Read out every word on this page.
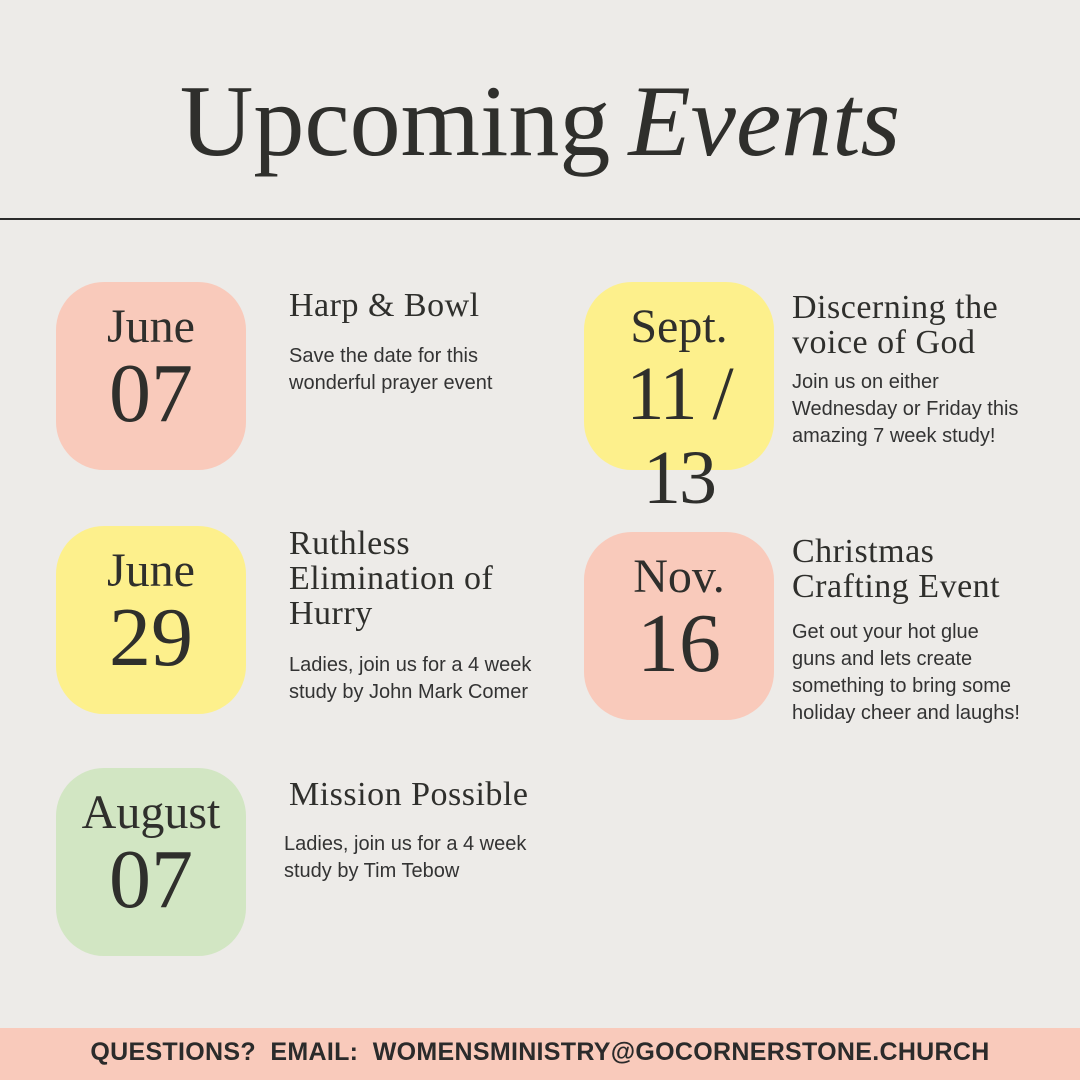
Upcoming Events
June
07
Harp & Bowl
Save the date for this wonderful prayer event
June
29
Ruthless Elimination of Hurry
Ladies, join us for a 4 week study by John Mark Comer
August
07
Mission Possible
Ladies, join us for a 4 week study by Tim Tebow
Sept.
11 / 13
Discerning the voice of God
Join us on either Wednesday or Friday this amazing 7 week study!
Nov.
16
Christmas Crafting Event
Get out your hot glue guns and lets create something to bring some holiday cheer and laughs!
QUESTIONS?  EMAIL:  WOMENSMINISTRY@GOCORNERSTONE.CHURCH
